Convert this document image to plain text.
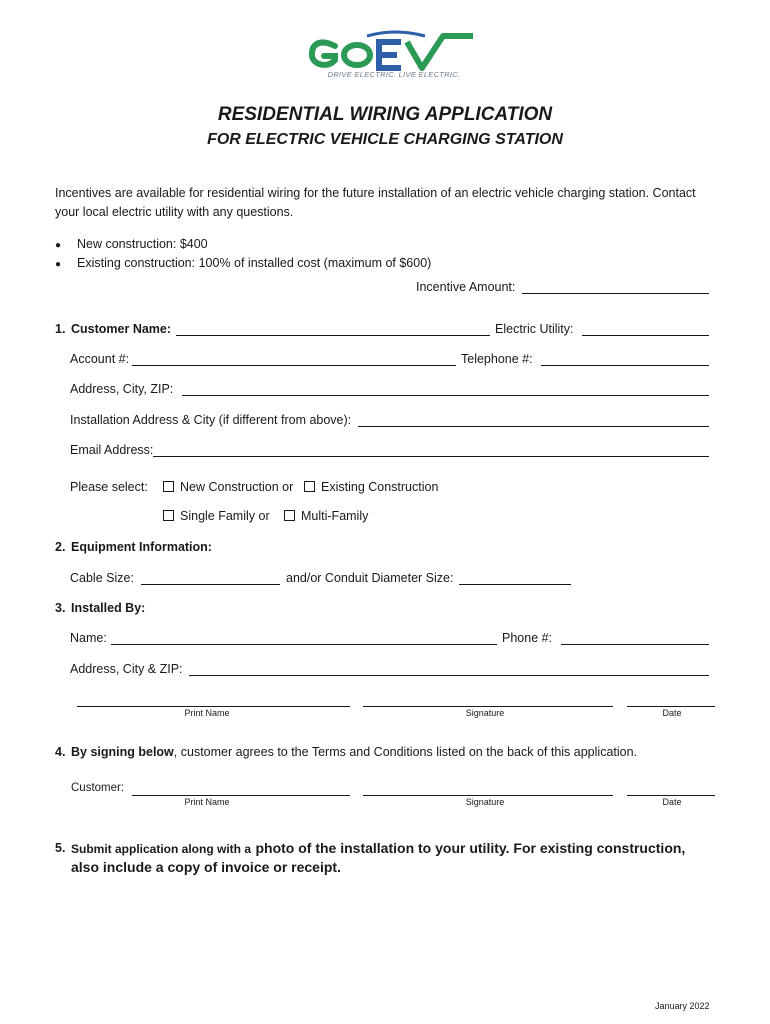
DRIVE ELECTRIC. LIVE ELECTRIC.
RESIDENTIAL WIRING APPLICATION
FOR ELECTRIC VEHICLE CHARGING STATION
Incentives are available for residential wiring for the future installation of an electric vehicle charging station. Contact
your local electric utility with any questions.
● New construction: $400
● Existing construction: 100% of installed cost (maximum of $600)
Incentive Amount:
1. Customer Name:	Electric Utility:
Account #:	Telephone #:
Address, City, ZIP:
Installation Address & City (if different from above):
Email Address:
Please select:	New Construction or	Existing Construction
Single Family or	Multi-Family
2. Equipment Information:
Cable Size:	and/or Conduit Diameter Size:
3. Installed By:
Name:	Phone #:
Address, City & ZIP:
Print Name	Signature	Date
4. By signing below, customer agrees to the Terms and Conditions listed on the back of this application.
Customer:
Print Name	Signature	Date
5. Submit application along with a photo of the installation to your utility. For existing construction,
also include a copy of invoice or receipt.
January 2022
